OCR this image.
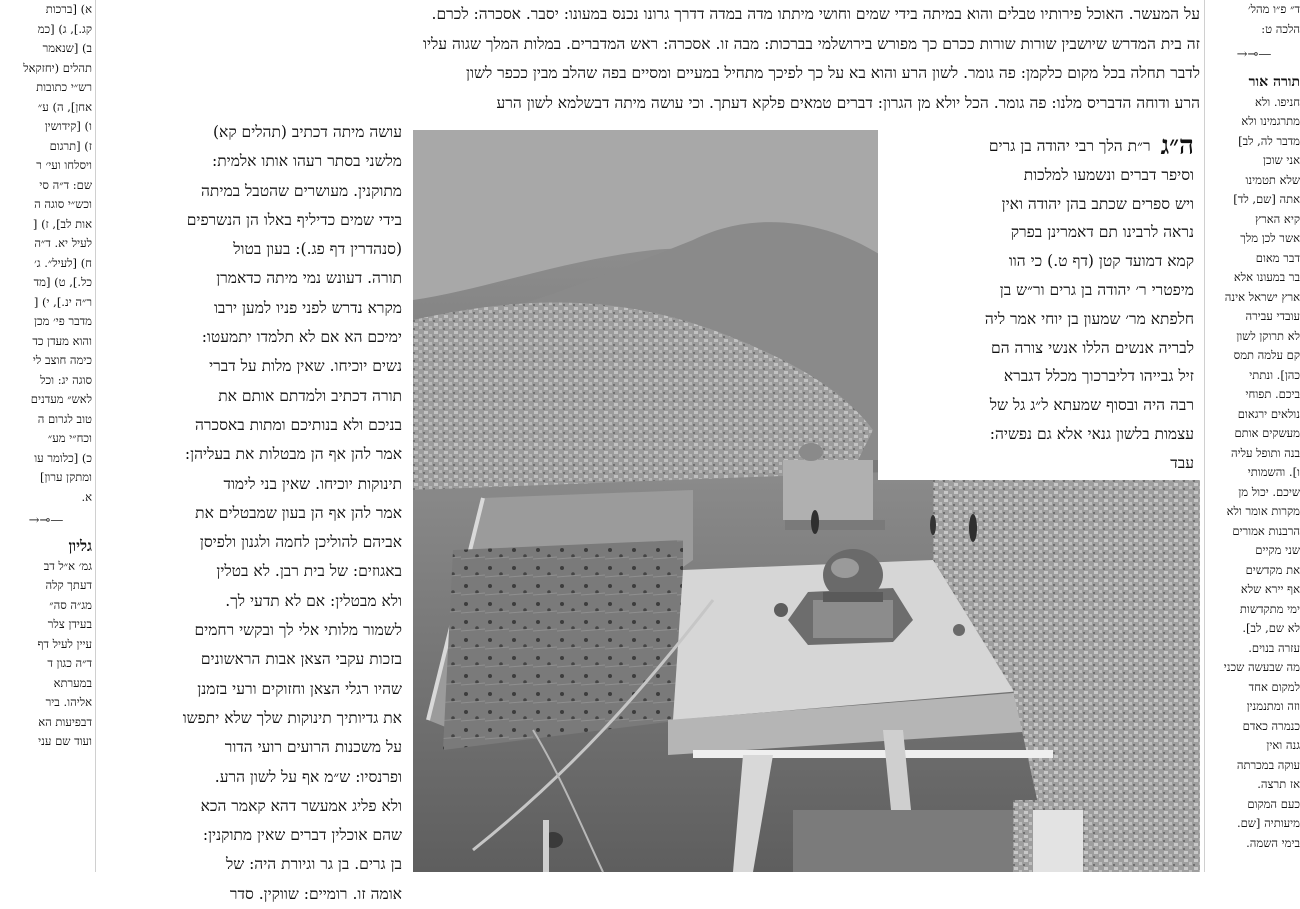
א) [ברכות

קג.], ג) [כמ

ב) [שנאמר

תהלים (יחזקאל

רש״י כתובות

אחן], ה) ע״

ו) [קידושין

ז) [תרגום

ויסלחו ועי׳ ר

שם: ד״ה סי

וכש״י סוגה ה

אות לב], ז) [

לעיל יא. ד״ה

ח) [לעיל״. ג׳

כל.], ט) [מד

ר״ה ינ.], י) [

מדבר פי׳ מכן

והוא מעדן כד

כימה חוצב לי

סוגה יג: וכל

לאש״ מעדנים

טוב לגרום ה

וכח״י מע״

כ) [כלומר עו

ומתקן ערון]

א.

→⊸—
גליון

גמ׳ א״ל דב

דעתך קלה

מג״ה סה״

בעידן צלר

עיין לעיל דף

ד״ה כגון ד

במערתא

אליהו. ביר

דבפיעות הא

ועוד שם עני

על המעשר. האוכל פירותיו טבלים והוא במיתה בידי שמים וחושי מיתתו מדה במדה דדרך גרונו נכנס במעונו: יסבר. אסכרה: לכרם.

זה בית המדרש שיושבין שורות שורות ככרם כך מפורש בירושלמי בברכות: מבה זו. אסכרה: ראש המדברים. במלות המלך שגוה עליו

לדבר תחלה בכל מקום כלקמן: פה גומר. לשון הרע והוא בא על כך לפיכך מתחיל במעיים ומסיים בפה שהלב מבין ככפר לשון

הרע ודוחה הדבריס מלנו: פה גומר. הכל יולא מן הגרון: דברים טמאים פלקא דעתך. וכי עושה מיתה דבשלמא לשון הרע

עושה מיתה דכתיב (תהלים קא)

מלשני בסתר רעהו אותו אלמית:

מתוקנין. מעושרים שהטבל במיתה

בידי שמים כדיליף באלו הן הנשרפים

(סנהדרין דף פג.): בעון בטול

תורה. דעונש נמי מיתה כדאמרן

מקרא נדרש לפני פניו למען ירבו

ימיכם הא אם לא תלמדו יתמעטו:

נשים יוכיחו. שאין מלות על דברי

תורה דכתיב ולמדתם אותם את

בניכם ולא בנותיכם ומתות באסכרה

אמר להן אף הן מבטלות את בעליהן:

תינוקות יוכיחו. שאין בני לימוד

אמר להן אף הן בעון שמבטלים את

אביהם להוליכן לחמה ולגנון ולפיסן

באגוזים: של בית רבן. לא בטלין

ולא מבטלין: אם לא תדעי לך.

לשמור מלותי אלי לך ובקשי רחמים

בזכות עקבי הצאן אבות הראשונים

שהיו רגלי הצאן וחזוקים ורעי בזמנן

את גדיותיך תינוקות שלך שלא יתפשו

על משכנות הרועים רועי הדור

ופרנסיו: ש״מ אף על לשון הרע.

ולא פליג אמעשר דהא קאמר הכא

שהם אוכלין דברים שאין מתוקנין:

בן גרים. בן גר וגיורת היה: של

אומה זו. רומיים: שווקין. סדר

ה״ג

ר״ת הלך רבי יהודה בן גרים

וסיפר דברים ונשמעו למלכות

ויש ספרים שכתב בהן יהודה ואין

נראה לרבינו תם דאמרינן בפרק

קמא דמועד קטן (דף ט.) כי הוו

מיפטרי ר׳ יהודה בן גרים ור״ש בן

חלפתא מר׳ שמעון בן יוחי אמר ליה

לבריה אנשים הללו אנשי צורה הם

זיל גבייהו דליברכוך מכלל דגברא

רבה היה ובסוף שמעתא ל״ג גל של

עצמות בלשון גנאי אלא גם נפשיה:

עבד

ד״ פ״ו מהל׳

הלכה ט:

→⊸—
תורה אור

חניפו. ולא

מתרגמינו ולא

מדבר לה, לב]

אני שוכן

שלא תטמינו

אתה [שם, לד]

קיא הארץ

אשר לכן מלך

דבר מאום

בר במעונו אלא

ארץ ישראל אינה

עובדי עבירה

לא תרוקן לשון

קם עלמה תמס

כהן]. ונתתי

ביכם. תפוחי

נולאים ירגאום

מעשקים אותם

בנה ותופל עליה

ו]. והשמותי

שיכם. יכול מן

מקרות אומר ולא

הרבנות אמורים

שני מקיים

את מקדשים

אף יירא שלא

ימי מתקדשות

לא שם, לב].

עזרה בנוים.

מה שבעשה שכני

למקום אחד

וזה ומתנמנין

כנמרה כאדם

גנה ואין

עוקה במכרתה

אז תרצה.

כעם המקום

מיעותיה [שם.

בימי השמה.
